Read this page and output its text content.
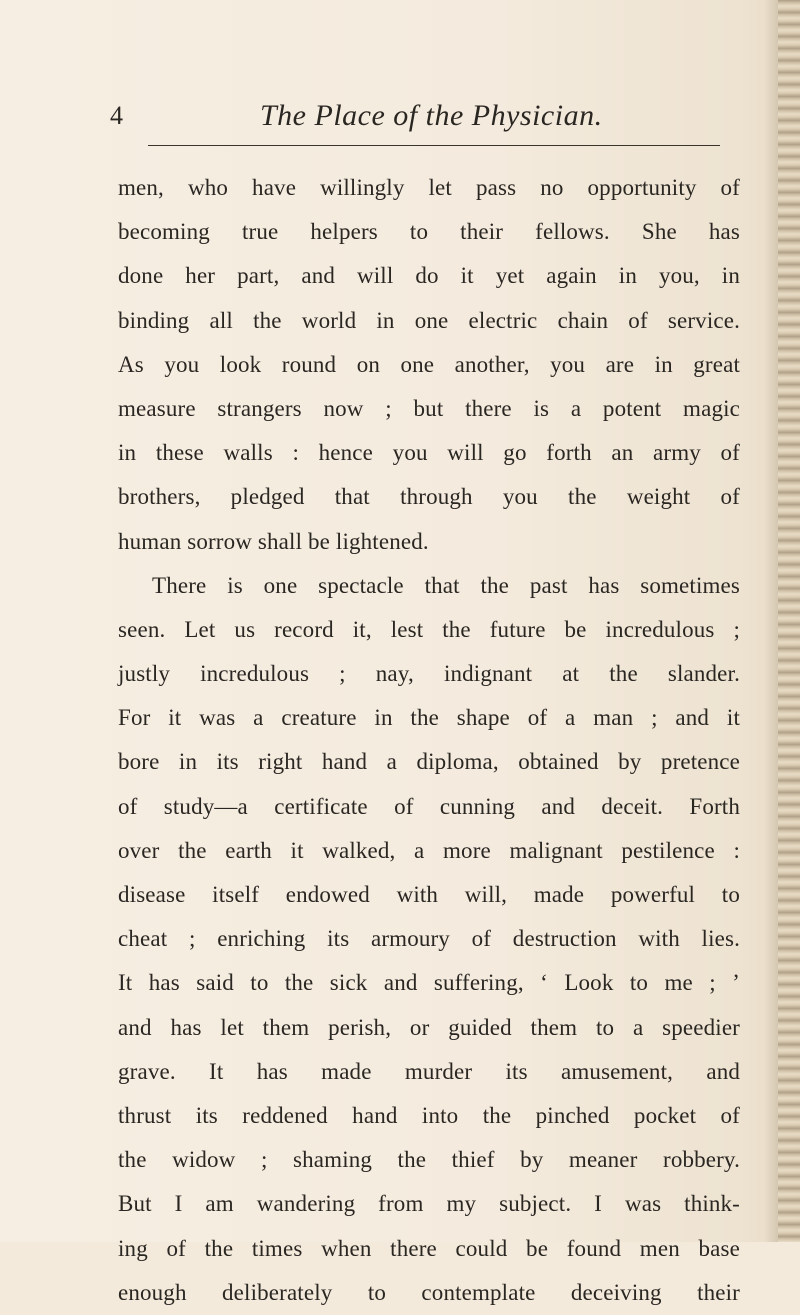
4	The Place of the Physician.
men, who have willingly let pass no opportunity of
becoming true helpers to their fellows. She has
done her part, and will do it yet again in you, in
binding all the world in one electric chain of service.
As you look round on one another, you are in great
measure strangers now ; but there is a potent magic
in these walls : hence you will go forth an army of
brothers, pledged that through you the weight of
human sorrow shall be lightened.
There is one spectacle that the past has sometimes
seen. Let us record it, lest the future be incredulous ;
justly incredulous ; nay, indignant at the slander.
For it was a creature in the shape of a man ; and it
bore in its right hand a diploma, obtained by pretence
of study—a certificate of cunning and deceit. Forth
over the earth it walked, a more malignant pestilence :
disease itself endowed with will, made powerful to
cheat ; enriching its armoury of destruction with lies.
It has said to the sick and suffering, ‘ Look to me ; ’
and has let them perish, or guided them to a speedier
grave. It has made murder its amusement, and
thrust its reddened hand into the pinched pocket of
the widow ; shaming the thief by meaner robbery.
But I am wandering from my subject. I was think-
ing of the times when there could be found men base
enough deliberately to contemplate deceiving their
